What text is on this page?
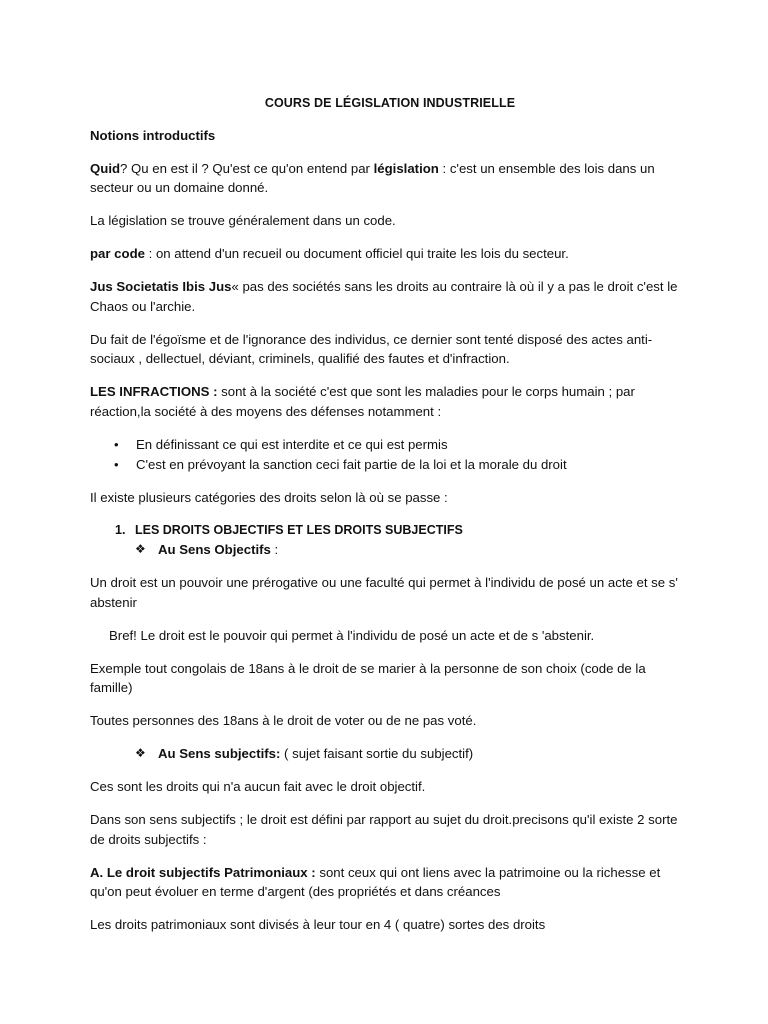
COURS DE LÉGISLATION INDUSTRIELLE

Notions introductifs

Quid? Qu en est il ? Qu'est ce qu'on entend par législation : c'est un ensemble des lois dans un secteur ou un domaine donné.

La législation se trouve généralement dans un code.

par code : on attend d'un recueil ou document officiel qui traite les lois du secteur.

Jus Societatis Ibis Jus« pas des sociétés sans les droits au contraire là où il y a pas le droit c'est le Chaos ou l'archie.

Du fait de l'égoïsme et de l'ignorance des individus, ce dernier sont tenté disposé des actes anti-sociaux , dellectuel, déviant, criminels, qualifié des fautes et d'infraction.

LES INFRACTIONS : sont à la société c'est que sont les maladies pour le corps humain ; par réaction,la société à des moyens des défenses notamment :

• En définissant ce qui est interdite et ce qui est permis
• C'est en prévoyant la sanction ceci fait partie de la loi et la morale du droit

Il existe plusieurs catégories des droits selon là où se passe :

1. LES DROITS OBJECTIFS ET LES DROITS SUBJECTIFS
❖ Au Sens Objectifs :

Un droit est un pouvoir une prérogative ou une faculté qui permet à l'individu de posé un acte et se s' abstenir

Bref! Le droit est le pouvoir qui permet à l'individu de posé un acte et de s 'abstenir.

Exemple tout congolais de 18ans à le droit de se marier à la personne de son choix (code de la famille)

Toutes personnes des 18ans à le droit de voter ou de ne pas voté.

❖ Au Sens subjectifs: ( sujet faisant sortie du subjectif)

Ces sont les droits qui n'a aucun fait avec le droit objectif.

Dans son sens subjectifs ; le droit est défini par rapport au sujet du droit.precisons qu'il existe 2 sorte de droits subjectifs :

A. Le droit subjectifs Patrimoniaux : sont ceux qui ont liens avec la patrimoine ou la richesse et qu'on peut évoluer en terme d'argent (des propriétés et dans créances

Les droits patrimoniaux sont divisés à leur tour en 4 ( quatre) sortes des droits
